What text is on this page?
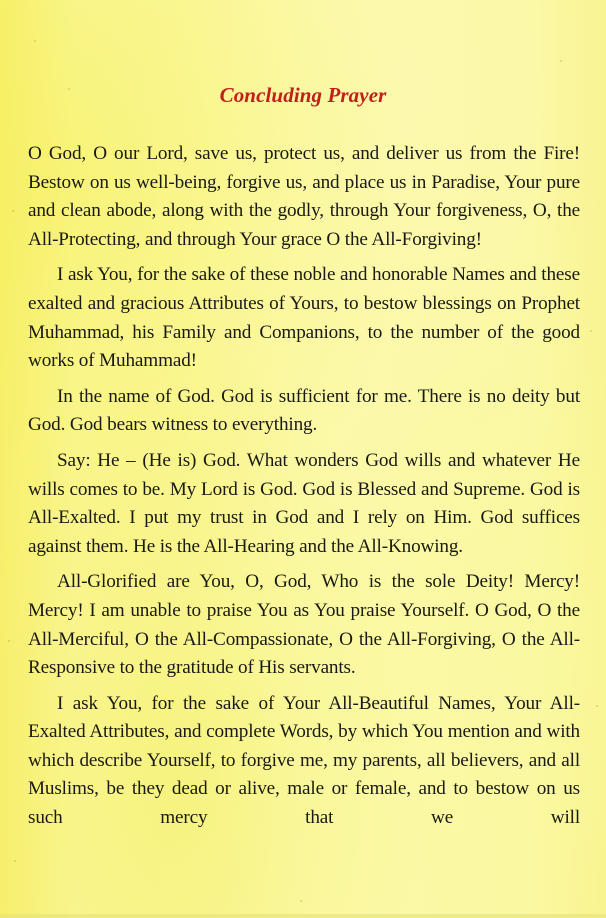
Concluding Prayer

O God, O our Lord, save us, protect us, and deliver us from the Fire! Bestow on us well-being, forgive us, and place us in Paradise, Your pure and clean abode, along with the godly, through Your forgiveness, O, the All-Protecting, and through Your grace O the All-Forgiving!

I ask You, for the sake of these noble and honorable Names and these exalted and gracious Attributes of Yours, to bestow blessings on Prophet Muhammad, his Family and Companions, to the number of the good works of Muhammad!

In the name of God. God is sufficient for me. There is no deity but God. God bears witness to everything.

Say: He – (He is) God. What wonders God wills and whatever He wills comes to be. My Lord is God. God is Blessed and Supreme. God is All-Exalted. I put my trust in God and I rely on Him. God suffices against them. He is the All-Hearing and the All-Knowing.

All-Glorified are You, O, God, Who is the sole Deity! Mercy! Mercy! I am unable to praise You as You praise Yourself. O God, O the All-Merciful, O the All-Compassionate, O the All-Forgiving, O the All-Responsive to the gratitude of His servants.

I ask You, for the sake of Your All-Beautiful Names, Your All-Exalted Attributes, and complete Words, by which You mention and with which describe Yourself, to forgive me, my parents, all believers, and all Muslims, be they dead or alive, male or female, and to bestow on us such mercy that we will
